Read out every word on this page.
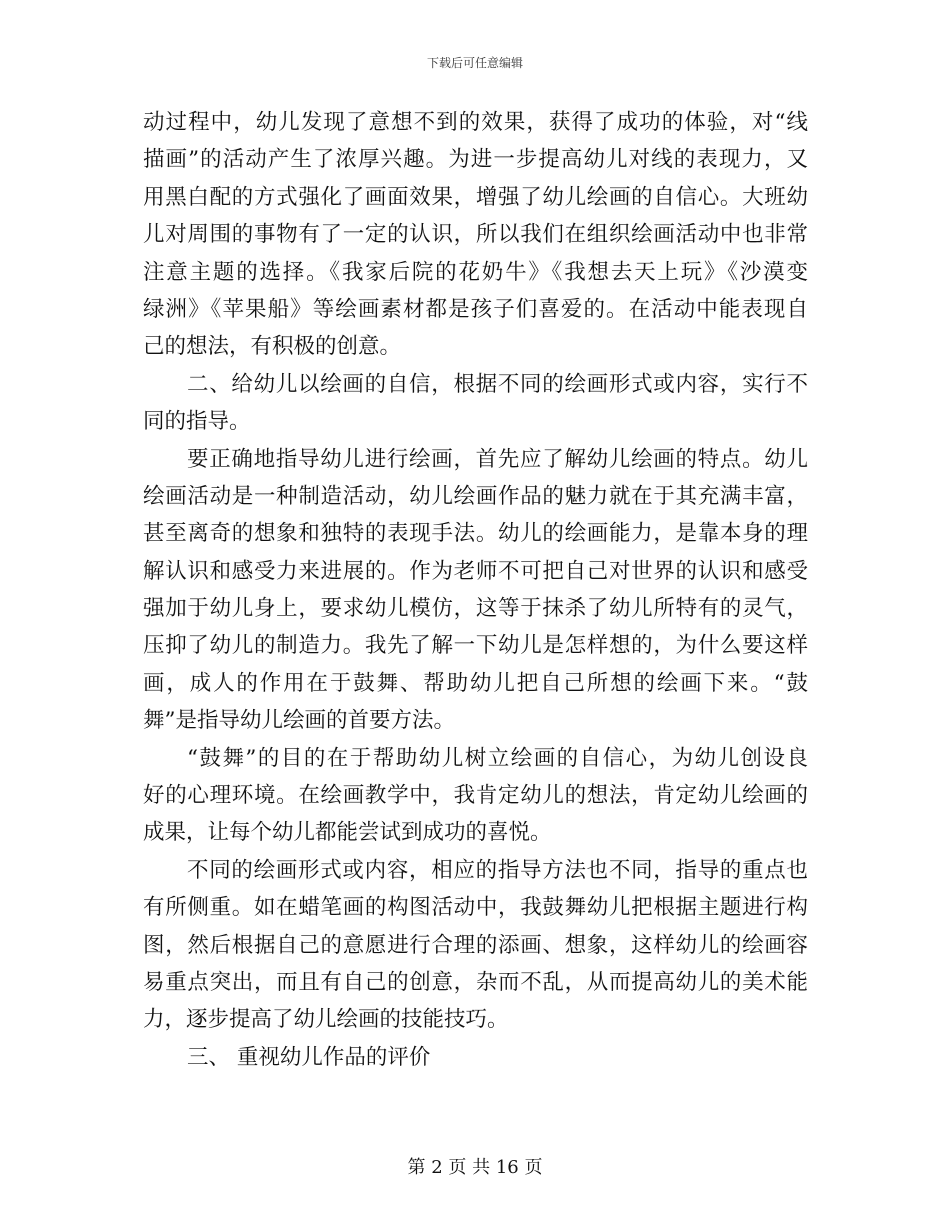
下载后可任意编辑
动过程中，幼儿发现了意想不到的效果，获得了成功的体验，对“线
描画”的活动产生了浓厚兴趣。为进一步提高幼儿对线的表现力，又
用黑白配的方式强化了画面效果，增强了幼儿绘画的自信心。大班幼
儿对周围的事物有了一定的认识，所以我们在组织绘画活动中也非常
注意主题的选择。《我家后院的花奶牛》《我想去天上玩》《沙漠变
绿洲》《苹果船》等绘画素材都是孩子们喜爱的。在活动中能表现自
己的想法，有积极的创意。
二、给幼儿以绘画的自信，根据不同的绘画形式或内容，实行不
同的指导。
要正确地指导幼儿进行绘画，首先应了解幼儿绘画的特点。幼儿
绘画活动是一种制造活动，幼儿绘画作品的魅力就在于其充满丰富，
甚至离奇的想象和独特的表现手法。幼儿的绘画能力，是靠本身的理
解认识和感受力来进展的。作为老师不可把自己对世界的认识和感受
强加于幼儿身上，要求幼儿模仿，这等于抹杀了幼儿所特有的灵气，
压抑了幼儿的制造力。我先了解一下幼儿是怎样想的，为什么要这样
画，成人的作用在于鼓舞、帮助幼儿把自己所想的绘画下来。“鼓
舞”是指导幼儿绘画的首要方法。
“鼓舞”的目的在于帮助幼儿树立绘画的自信心，为幼儿创设良
好的心理环境。在绘画教学中，我肯定幼儿的想法，肯定幼儿绘画的
成果，让每个幼儿都能尝试到成功的喜悦。
不同的绘画形式或内容，相应的指导方法也不同，指导的重点也
有所侧重。如在蜡笔画的构图活动中，我鼓舞幼儿把根据主题进行构
图，然后根据自己的意愿进行合理的添画、想象，这样幼儿的绘画容
易重点突出，而且有自己的创意，杂而不乱，从而提高幼儿的美术能
力，逐步提高了幼儿绘画的技能技巧。
三、 重视幼儿作品的评价
第 2 页 共 16 页
